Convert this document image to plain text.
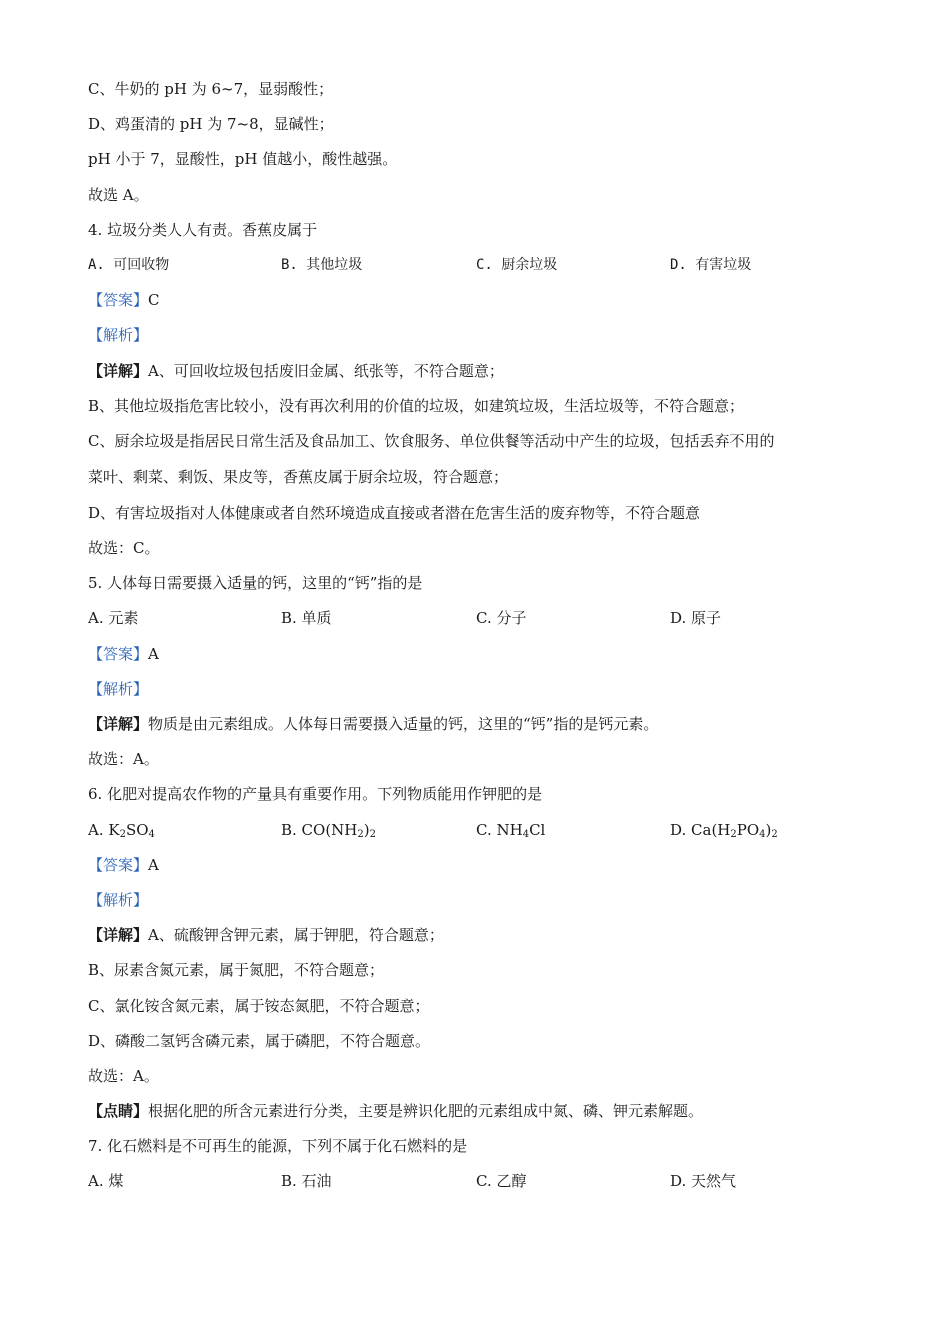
C、牛奶的 pH 为 6~7，显弱酸性；
D、鸡蛋清的 pH 为 7~8，显碱性；
pH 小于 7，显酸性，pH 值越小，酸性越强。
故选 A。
4. 垃圾分类人人有责。香蕉皮属于
A. 可回收物	B. 其他垃圾	C. 厨余垃圾	D. 有害垃圾
【答案】C
【解析】
【详解】A、可回收垃圾包括废旧金属、纸张等，不符合题意；
B、其他垃圾指危害比较小，没有再次利用的价值的垃圾，如建筑垃圾，生活垃圾等，不符合题意；
C、厨余垃圾是指居民日常生活及食品加工、饮食服务、单位供餐等活动中产生的垃圾，包括丢弃不用的
菜叶、剩菜、剩饭、果皮等，香蕉皮属于厨余垃圾，符合题意；
D、有害垃圾指对人体健康或者自然环境造成直接或者潜在危害生活的废弃物等，不符合题意
故选：C。
5. 人体每日需要摄入适量的钙，这里的“钙”指的是
A. 元素	B. 单质	C. 分子	D. 原子
【答案】A
【解析】
【详解】物质是由元素组成。人体每日需要摄入适量的钙，这里的“钙”指的是钙元素。
故选：A。
6. 化肥对提高农作物的产量具有重要作用。下列物质能用作钾肥的是
A. $K_2SO_4$	B. $CO(NH_2)_2$	C. $NH_4Cl$	D. $Ca(H_2PO_4)_2$
【答案】A
【解析】
【详解】A、硫酸钾含钾元素，属于钾肥，符合题意；
B、尿素含氮元素，属于氮肥，不符合题意；
C、氯化铵含氮元素，属于铵态氮肥，不符合题意；
D、磷酸二氢钙含磷元素，属于磷肥，不符合题意。
故选：A。
【点睛】根据化肥的所含元素进行分类，主要是辨识化肥的元素组成中氮、磷、钾元素解题。
7. 化石燃料是不可再生的能源，下列不属于化石燃料的是
A. 煤	B. 石油	C. 乙醇	D. 天然气
